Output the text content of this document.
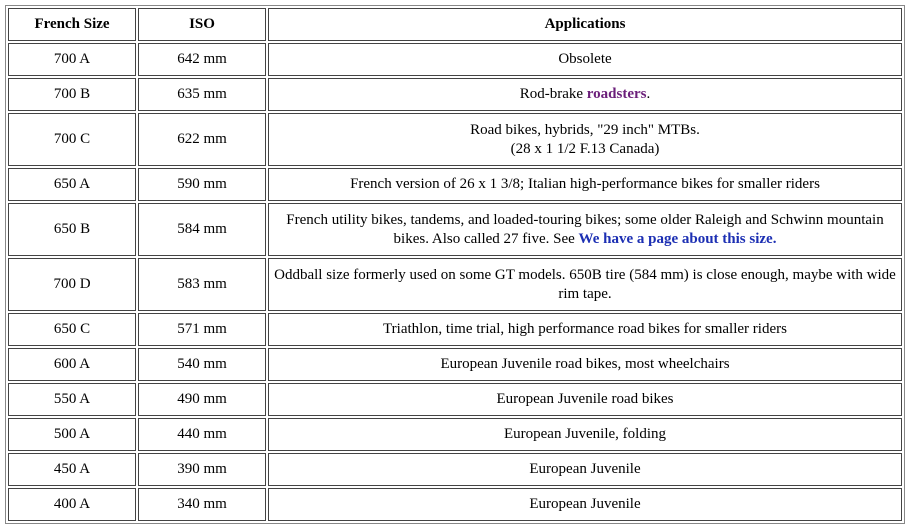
French Size	ISO	Applications
700 A	642 mm	Obsolete
700 B	635 mm	Rod-brake roadsters.
700 C	622 mm	Road bikes, hybrids, "29 inch" MTBs.
(28 x 1 1/2 F.13 Canada)
650 A	590 mm	French version of 26 x 1 3/8; Italian high-performance bikes for smaller riders
650 B	584 mm	French utility bikes, tandems, and loaded-touring bikes; some older Raleigh and Schwinn mountain bikes. Also called 27 five. See We have a page about this size.
700 D	583 mm	Oddball size formerly used on some GT models. 650B tire (584 mm) is close enough, maybe with wide rim tape.
650 C	571 mm	Triathlon, time trial, high performance road bikes for smaller riders
600 A	540 mm	European Juvenile road bikes, most wheelchairs
550 A	490 mm	European Juvenile road bikes
500 A	440 mm	European Juvenile, folding
450 A	390 mm	European Juvenile
400 A	340 mm	European Juvenile
